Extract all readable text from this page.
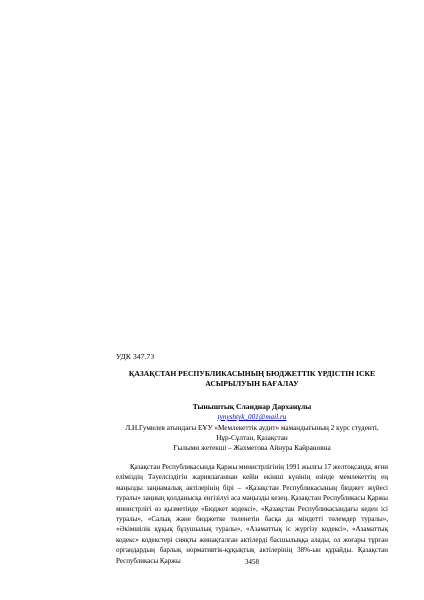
УДК 347.73
ҚАЗАҚСТАН РЕСПУБЛИКАСЫНЫҢ БЮДЖЕТТІК ҮРДІСТІН ІСКЕ
АСЫРЫЛУЫН БАҒАЛАУ
Тыныштық Сланднар Дарханұлы
tynyshtyk_001@mail.ru
Л.Н.Гумилев атындағы ЕҰУ «Мемлекеттік аудит» мамандығының 2 курс студенті,
Нұр-Сұлтан, Қазақстан
Ғылыми жетекші – Жахметова Айнура Кайрановна

Қазақстан Республикасында Қаржы министрлігінің 1991 жылғы 17 желтоқсанда, яғни еліміздің Тәуелсіздігін жариялағаннан кейін екінші күнінің өзінде мемлекеттің ең маңызды заңнамалық актілерінің бірі – «Қазақстан Республикасының бюджет жүйесі туралы» заңның қолданысқа енгізілуі аса маңызды кезең. Қазақстан Республикасы Қаржы министрлігі өз қызметінде «Бюджет кодексі», «Қазақстан Республикасындағы кеден ісі туралы», «Салық және бюджетке төленетін басқа да міндетті төлемдер туралы», «Әкімшілік құқық бұзушылық туралы», «Азаматтық іс жүргізу кодексі», «Азаматтық кодекс» кодекстері сияқты жинақталған актілерді басшылыққа алады, ол жоғары тұрған органдардың барлық нормативтік-құқықтық актілерінің 38%-ын құрайды. Қазақстан Республикасы Қаржы	3458
